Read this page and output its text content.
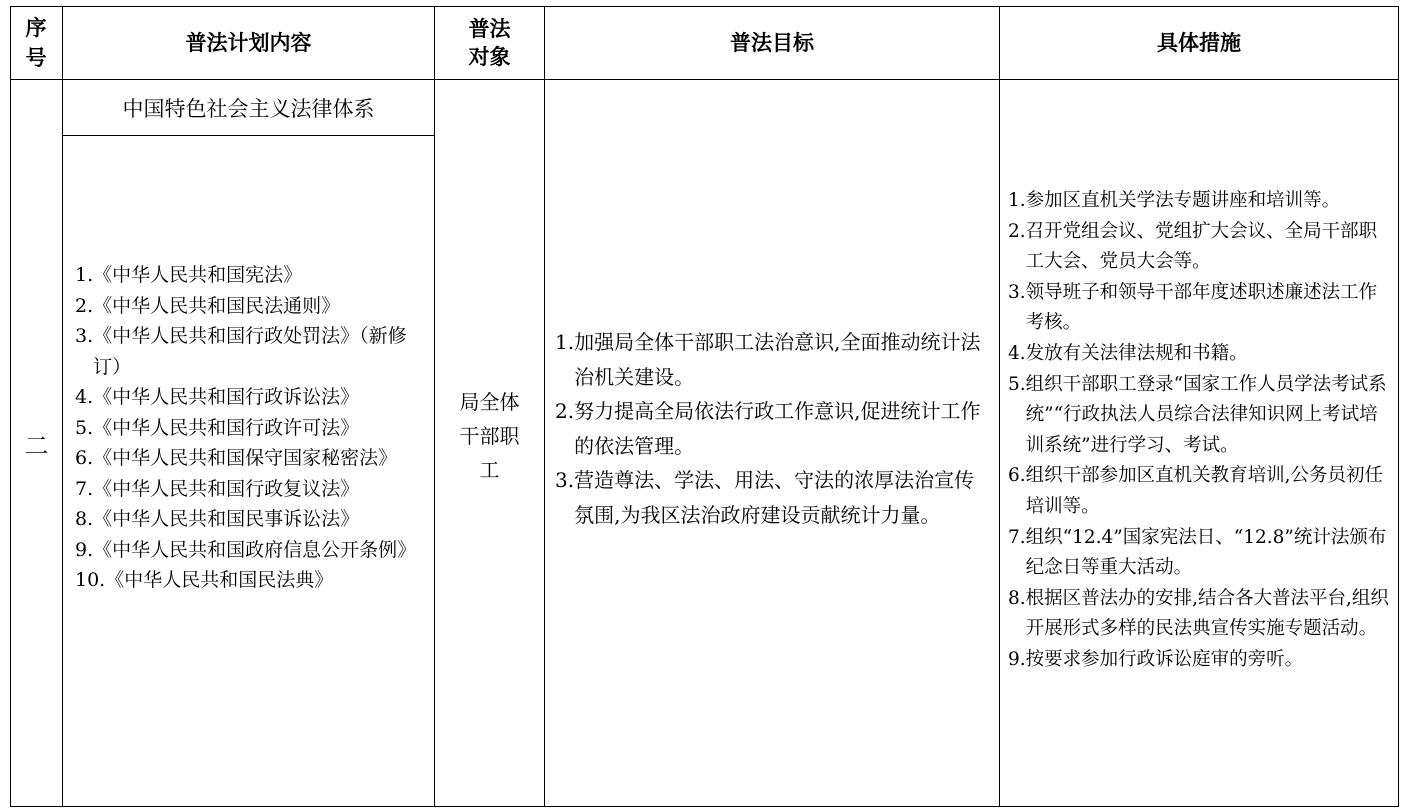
序号
普法计划内容
普法对象
普法目标	具体措施
二
中国特色社会主义法律体系
1. 《中华人民共和国宪法》
2. 《中华人民共和国民法通则》
3. 《中华人民共和国行政处罚法》（新修订）
4. 《中华人民共和国行政诉讼法》
5. 《中华人民共和国行政许可法》
6. 《中华人民共和国保守国家秘密法》
7. 《中华人民共和国行政复议法》
8. 《中华人民共和国民事诉讼法》
9. 《中华人民共和国政府信息公开条例》
10. 《中华人民共和国民法典》
局全体干部职工
1. 加强局全体干部职工法治意识,全面推动统计法治机关建设。
2. 努力提高全局依法行政工作意识,促进统计工作的依法管理。
3. 营造尊法、学法、用法、守法的浓厚法治宣传氛围,为我区法治政府建设贡献统计力量。
1. 参加区直机关学法专题讲座和培训等。
2. 召开党组会议、党组扩大会议、全局干部职工大会、党员大会等。
3. 领导班子和领导干部年度述职述廉述法工作考核。
4. 发放有关法律法规和书籍。
5. 组织干部职工登录“国家工作人员学法考试系统”“行政执法人员综合法律知识网上考试培训系统”进行学习、考试。
6. 组织干部参加区直机关教育培训,公务员初任培训等。
7. 组织“12.4”国家宪法日、“12.8”统计法颁布纪念日等重大活动。
8. 根据区普法办的安排,结合各大普法平台,组织开展形式多样的民法典宣传实施专题活动。
9. 按要求参加行政诉讼庭审的旁听。
